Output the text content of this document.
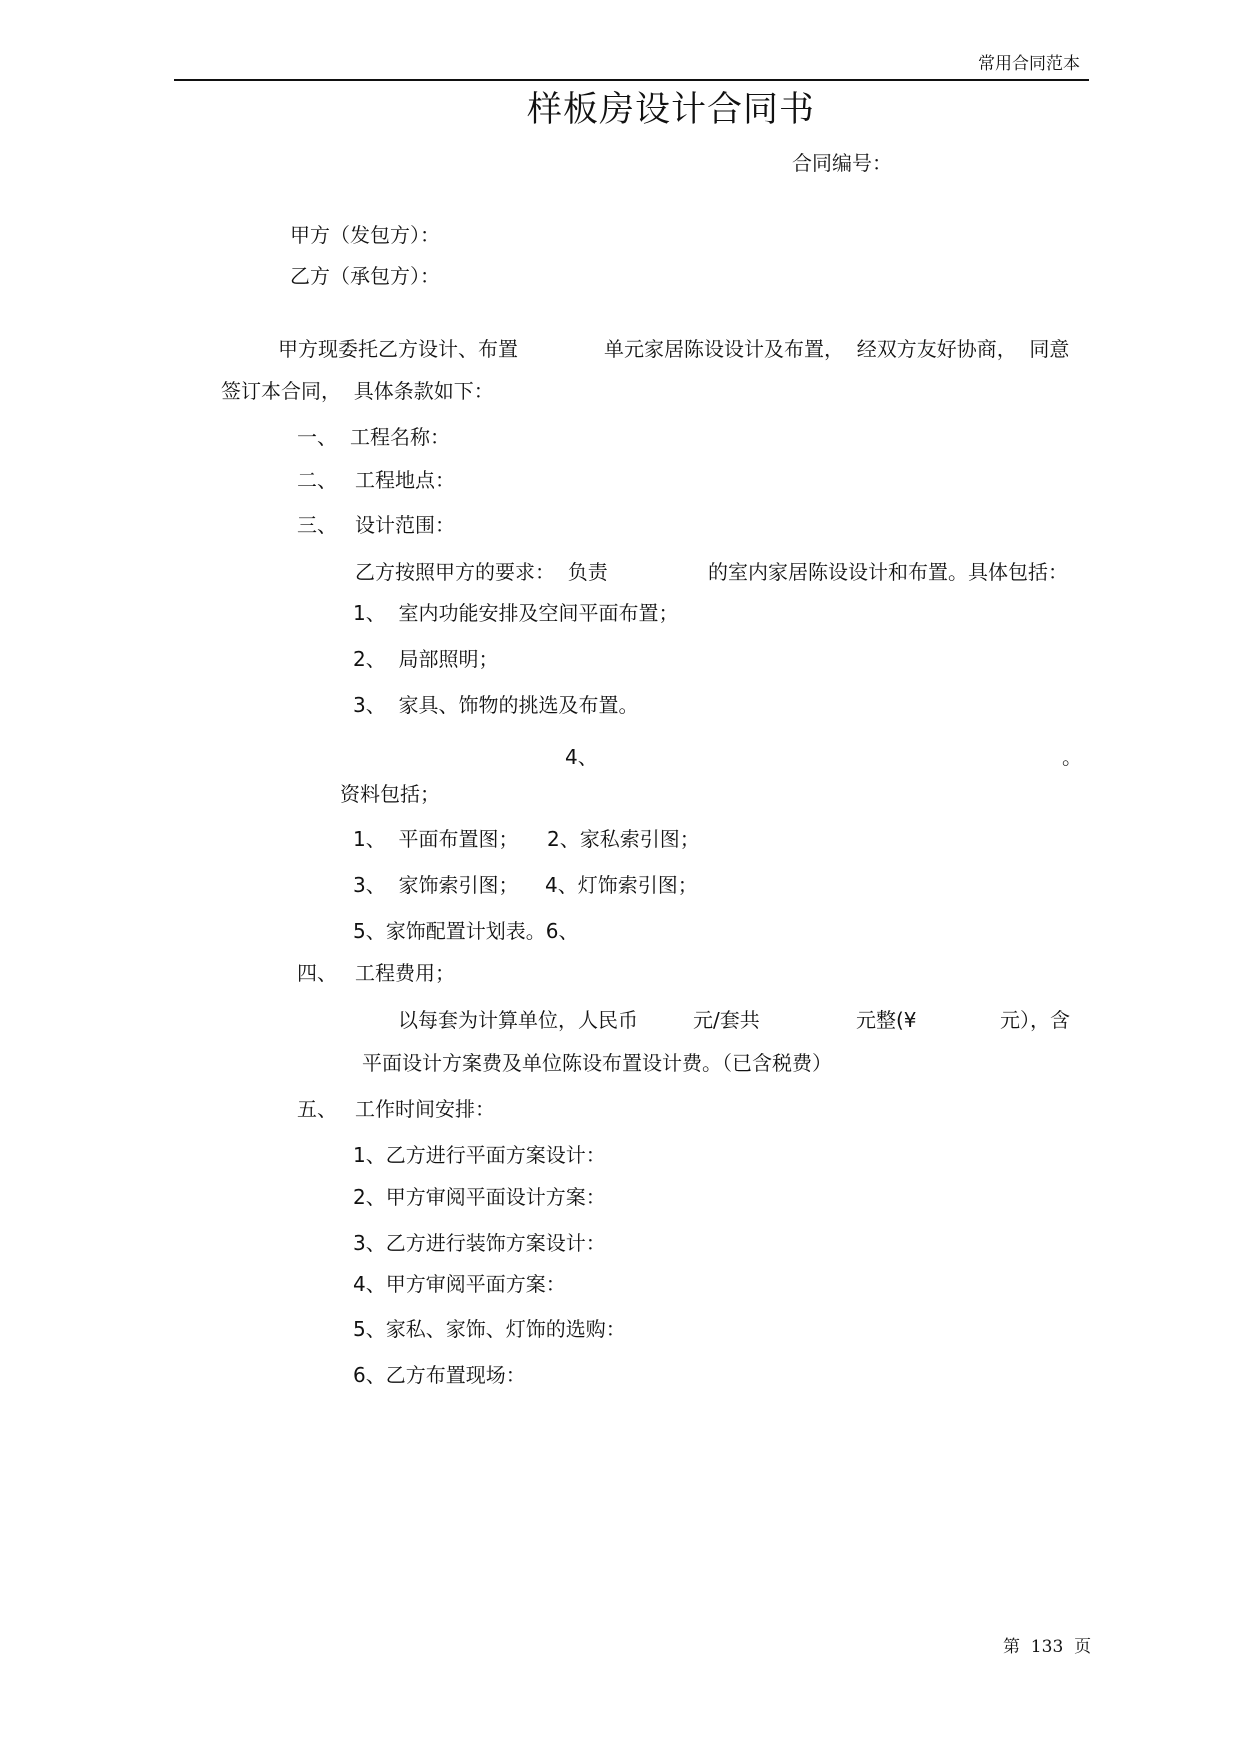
常用合同范本
样板房设计合同书
合同编号：
甲方（发包方）：
乙方（承包方）：
甲方现委托乙方设计、布置	单元家居陈设设计及布置，  经双方友好协商，  同意
签订本合同，  具体条款如下：
一、 工程名称：
二、 工程地点：
三、 设计范围：
乙方按照甲方的要求：  负责	的室内家居陈设设计和布置。具体包括：
1、  室内功能安排及空间平面布置；
2、  局部照明；
3、  家具、饰物的挑选及布置。
4、	。
资料包括；
1、  平面布置图； 2、家私索引图；
3、  家饰索引图； 4、灯饰索引图；
5、家饰配置计划表。6、
四、 工程费用；
以每套为计算单位，人民币	元/套共	元整(¥	元），含
平面设计方案费及单位陈设布置设计费。（已含税费）
五、 工作时间安排：
1、乙方进行平面方案设计：
2、甲方审阅平面设计方案：
3、乙方进行装饰方案设计：
4、甲方审阅平面方案：
5、家私、家饰、灯饰的选购：
6、乙方布置现场：
第  133  页
